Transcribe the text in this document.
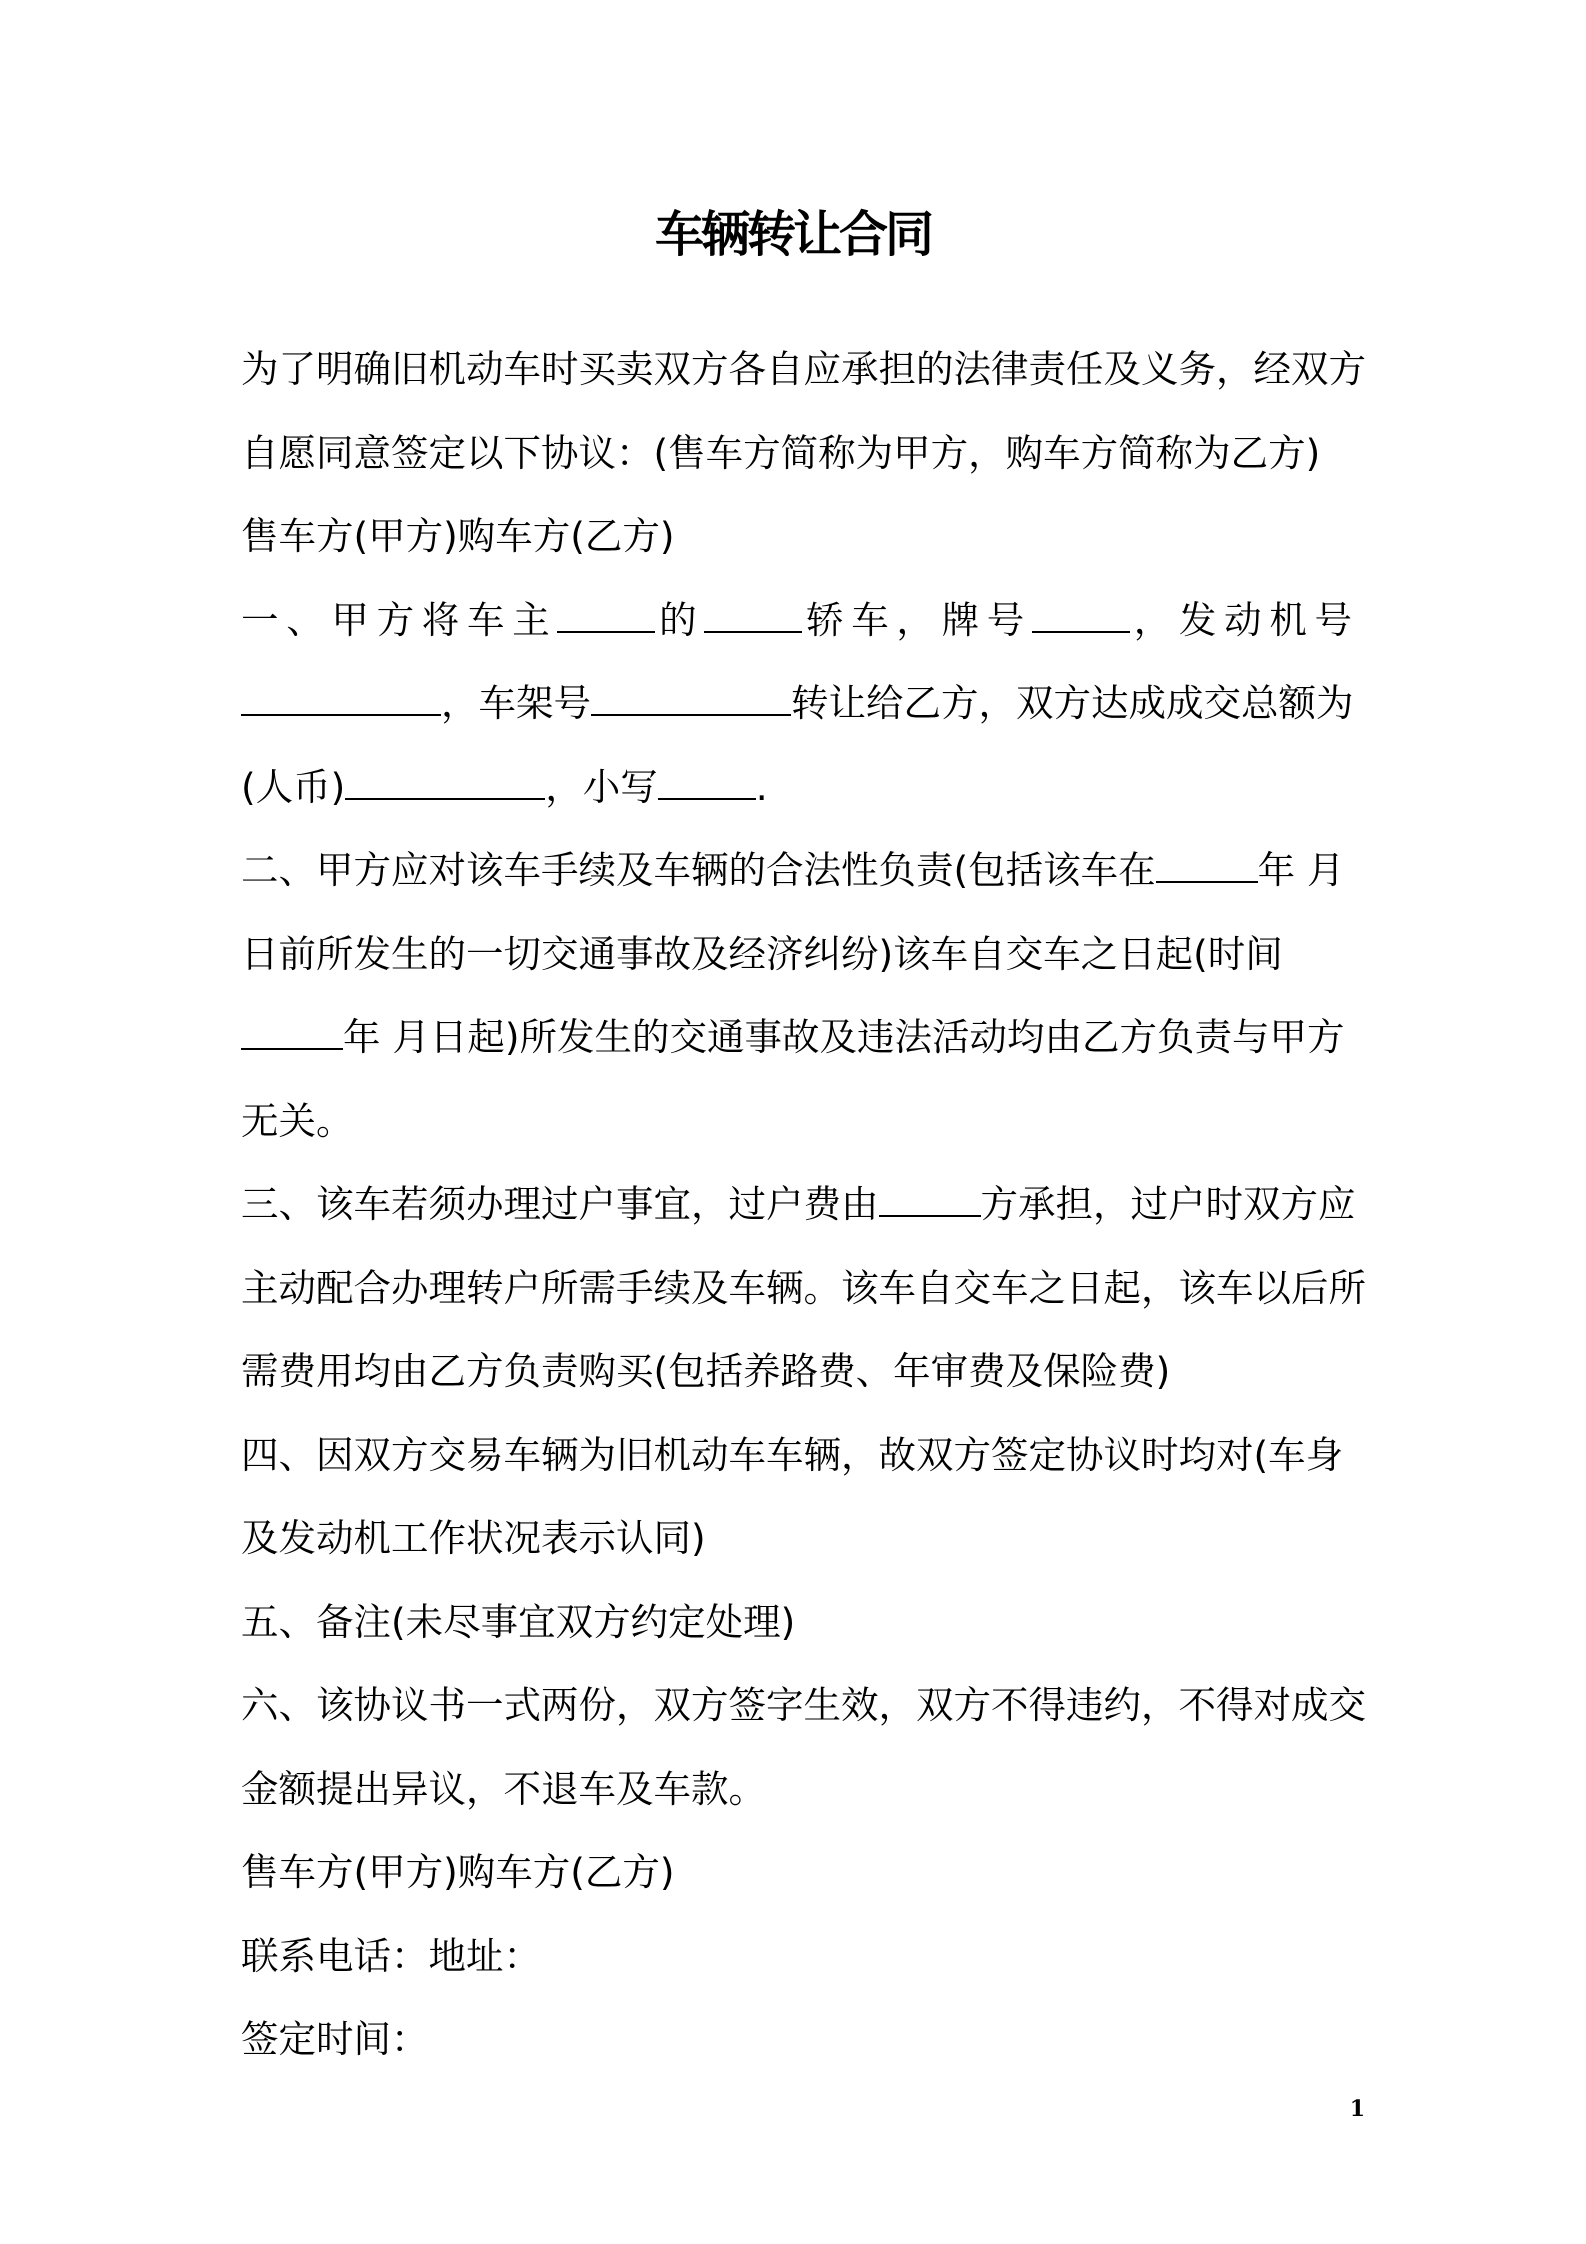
车辆转让合同
为了明确旧机动车时买卖双方各自应承担的法律责任及义务，经双方
自愿同意签定以下协议：(售车方简称为甲方，购车方简称为乙方)
售车方(甲方)购车方(乙方)
一、甲方将车主	的	轿车，牌号	，发动机号
，车架号	转让给乙方，双方达成成交总额为
(人币)	，小写	.
二、甲方应对该车手续及车辆的合法性负责(包括该车在	年 月
日前所发生的一切交通事故及经济纠纷)该车自交车之日起(时间
年 月日起)所发生的交通事故及违法活动均由乙方负责与甲方
无关。
三、该车若须办理过户事宜，过户费由	方承担，过户时双方应
主动配合办理转户所需手续及车辆。该车自交车之日起，该车以后所
需费用均由乙方负责购买(包括养路费、年审费及保险费)
四、因双方交易车辆为旧机动车车辆，故双方签定协议时均对(车身
及发动机工作状况表示认同)
五、备注(未尽事宜双方约定处理)
六、该协议书一式两份，双方签字生效，双方不得违约，不得对成交
金额提出异议，不退车及车款。
售车方(甲方)购车方(乙方)
联系电话：地址：
签定时间：
1
